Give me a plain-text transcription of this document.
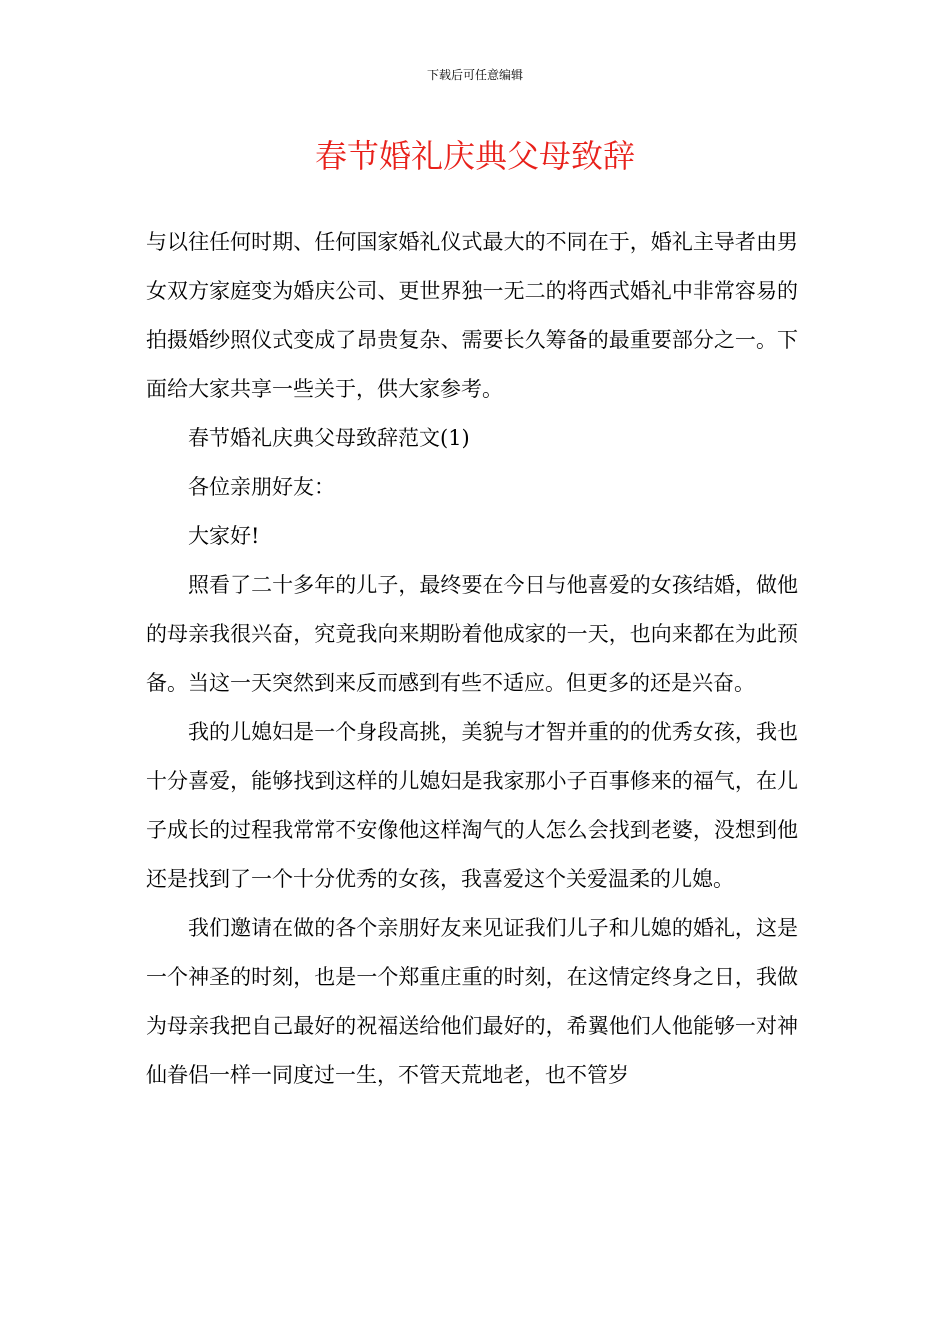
下载后可任意编辑
春节婚礼庆典父母致辞

与以往任何时期、任何国家婚礼仪式最大的不同在于，婚礼主导者由男女双方家庭变为婚庆公司、更世界独一无二的将西式婚礼中非常容易的拍摄婚纱照仪式变成了昂贵复杂、需要长久筹备的最重要部分之一。下面给大家共享一些关于，供大家参考。

春节婚礼庆典父母致辞范文(1)

各位亲朋好友：

大家好!

照看了二十多年的儿子，最终要在今日与他喜爱的女孩结婚，做他的母亲我很兴奋，究竟我向来期盼着他成家的一天，也向来都在为此预备。当这一天突然到来反而感到有些不适应。但更多的还是兴奋。

我的儿媳妇是一个身段高挑，美貌与才智并重的的优秀女孩，我也十分喜爱，能够找到这样的儿媳妇是我家那小子百事修来的福气，在儿子成长的过程我常常不安像他这样淘气的人怎么会找到老婆，没想到他还是找到了一个十分优秀的女孩，我喜爱这个关爱温柔的儿媳。

我们邀请在做的各个亲朋好友来见证我们儿子和儿媳的婚礼，这是一个神圣的时刻，也是一个郑重庄重的时刻，在这情定终身之日，我做为母亲我把自己最好的祝福送给他们最好的，希翼他们人他能够一对神仙眷侣一样一同度过一生，不管天荒地老，也不管岁
